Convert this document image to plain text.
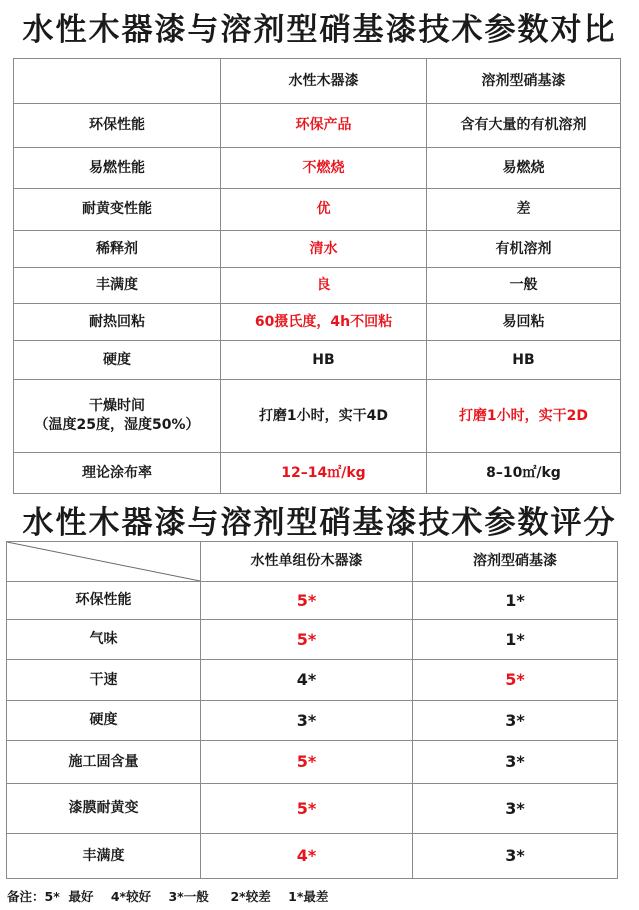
水性木器漆与溶剂型硝基漆技术参数对比
	水性木器漆	溶剂型硝基漆
环保性能	环保产品	含有大量的有机溶剂
易燃性能	不燃烧	易燃烧
耐黄变性能	优	差
稀释剂	清水	有机溶剂
丰满度	良	一般
耐热回粘	60摄氏度，4h不回粘	易回粘
硬度	HB	HB

干燥时间
（温度25度，湿度50%）	打磨1小时，实干4D	打磨1小时，实干2D
理论涂布率	12–14㎡/kg	8–10㎡/kg
水性木器漆与溶剂型硝基漆技术参数评分
	水性单组份木器漆	溶剂型硝基漆
环保性能	5*	1*
气味	5*	1*
干速	4*	5*
硬度	3*	3*
施工固含量	5*	3*
漆膜耐黄变	5*	3*
丰满度	4*	3*
备注：5*  最好    4*较好    3*一般     2*较差    1*最差
